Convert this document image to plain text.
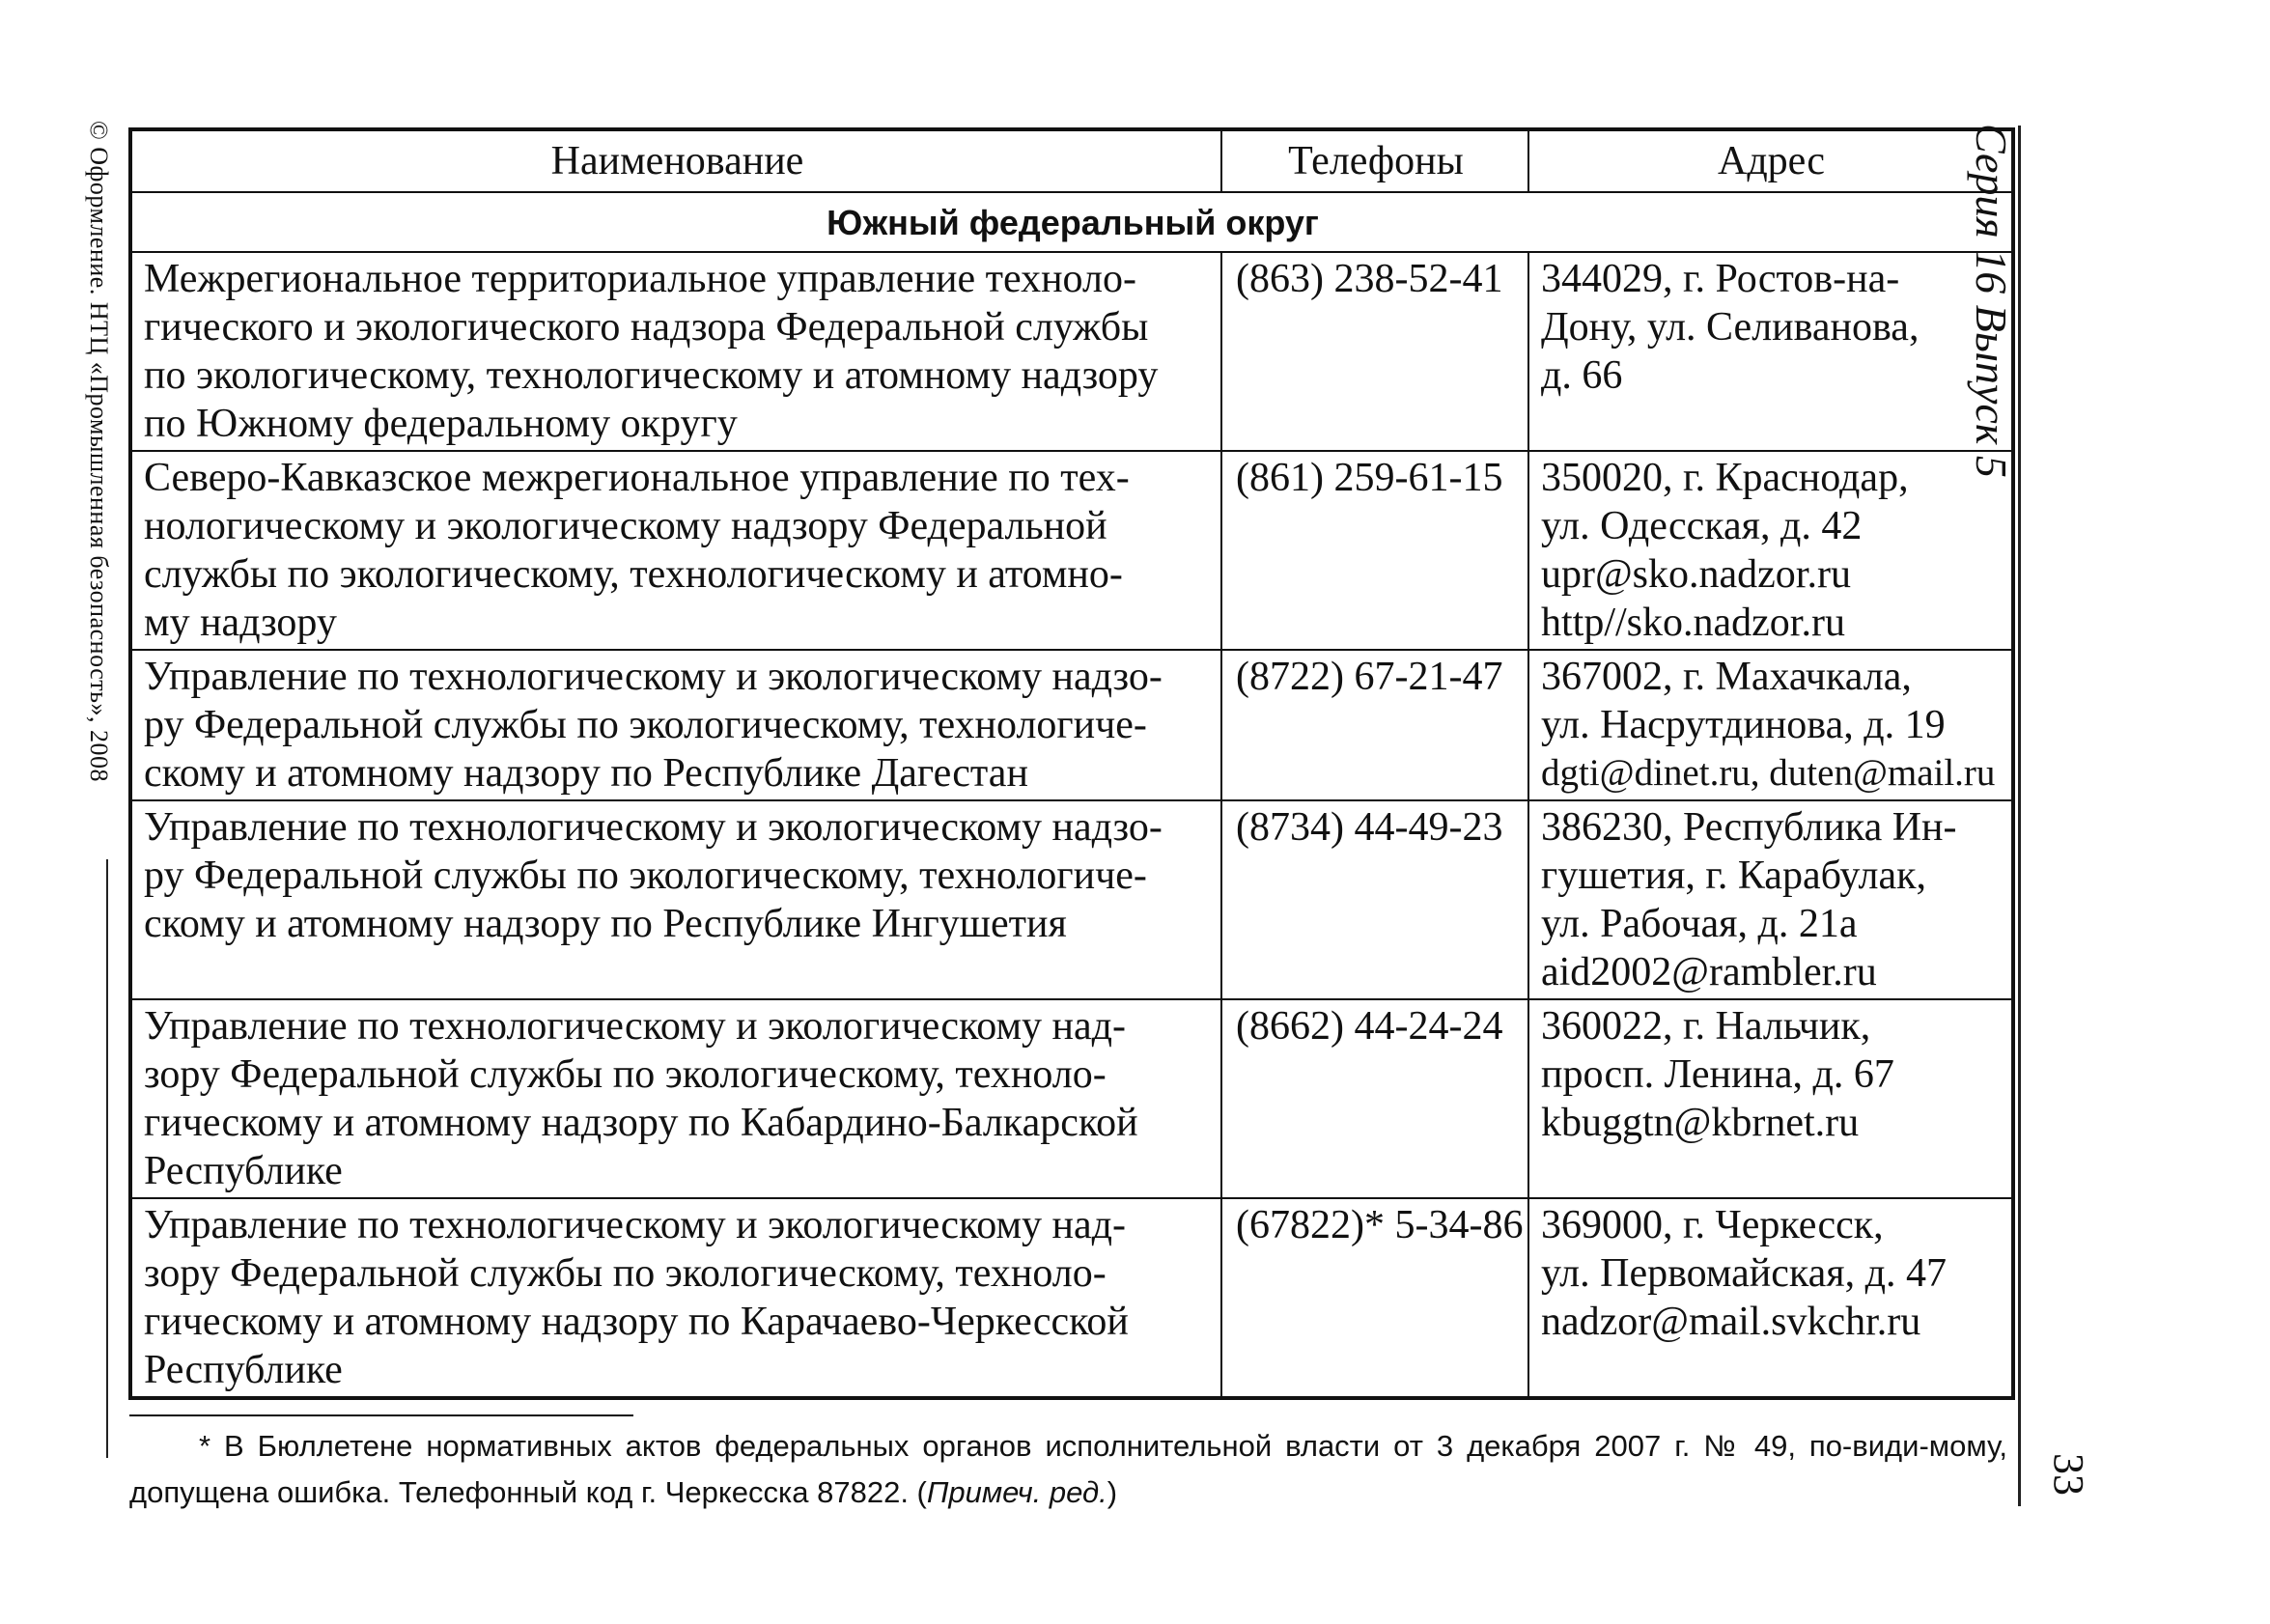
© Оформление. НТЦ «Промышленная безопасность», 2008	Серия 16 Выпуск 5
33
Наименование	Телефоны	Адрес
Южный федеральный округ		

Межрегиональное территориальное управление техноло-
гического и экологического надзора Федеральной службы
по экологическому, технологическому и атомному надзору
по Южному федеральному округу	(863) 238-52-41	344029, г. Ростов-на-
Дону, ул. Селиванова,
д. 66

Северо-Кавказское межрегиональное управление по тех-
нологическому и экологическому надзору Федеральной
службы по экологическому, технологическому и атомно-
му надзору	(861) 259-61-15	350020, г. Краснодар,
ул. Одесская, д. 42
upr@sko.nadzor.ru
http//sko.nadzor.ru

Управление по технологическому и экологическому надзо-
ру Федеральной службы по экологическому, технологиче-
скому и атомному надзору по Республике Дагестан	(8722) 67-21-47	367002, г. Махачкала,
ул. Насрутдинова, д. 19
dgti@dinet.ru, duten@mail.ru

Управление по технологическому и экологическому надзо-
ру Федеральной службы по экологическому, технологиче-
скому и атомному надзору по Республике Ингушетия	(8734) 44-49-23	386230, Республика Ин-
гушетия, г. Карабулак,
ул. Рабочая, д. 21а
aid2002@rambler.ru

Управление по технологическому и экологическому над-
зору Федеральной службы по экологическому, техноло-
гическому и атомному надзору по Кабардино-Балкарской
Республике	(8662) 44-24-24	360022, г. Нальчик,
просп. Ленина, д. 67
kbuggtn@kbrnet.ru

Управление по технологическому и экологическому над-
зору Федеральной службы по экологическому, техноло-
гическому и атомному надзору по Карачаево-Черкесской
Республике	(67822)* 5-34-86	369000, г. Черкесск,
ул. Первомайская, д. 47
nadzor@mail.svkchr.ru
* В Бюллетене нормативных актов федеральных органов исполнительной власти от 3 декабря 2007 г. № 49, по-види-мому, допущена ошибка. Телефонный код г. Черкесска 87822. (Примеч. ред.)
